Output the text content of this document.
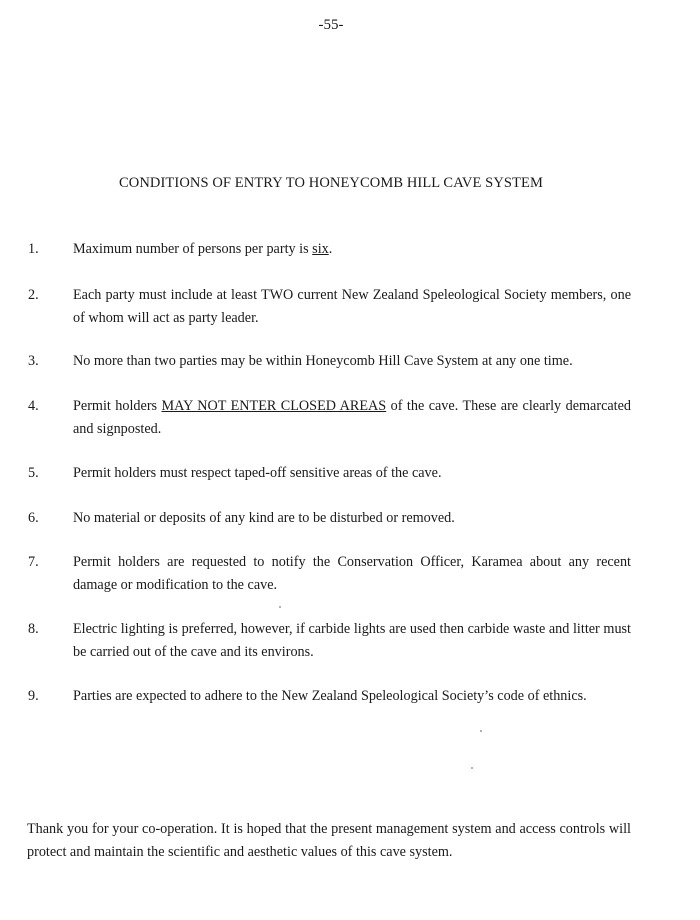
-55-
CONDITIONS OF ENTRY TO HONEYCOMB HILL CAVE SYSTEM
1. Maximum number of persons per party is six.
2. Each party must include at least TWO current New Zealand Speleological Society members, one of whom will act as party leader.
3. No more than two parties may be within Honeycomb Hill Cave System at any one time.
4. Permit holders MAY NOT ENTER CLOSED AREAS of the cave. These are clearly demarcated and signposted.
5. Permit holders must respect taped-off sensitive areas of the cave.
6. No material or deposits of any kind are to be disturbed or removed.
7. Permit holders are requested to notify the Conservation Officer, Karamea about any recent damage or modification to the cave.
8. Electric lighting is preferred, however, if carbide lights are used then carbide waste and litter must be carried out of the cave and its environs.
9. Parties are expected to adhere to the New Zealand Speleological Society’s code of ethnics.
Thank you for your co-operation. It is hoped that the present management system and access controls will protect and maintain the scientific and aesthetic values of this cave system.
